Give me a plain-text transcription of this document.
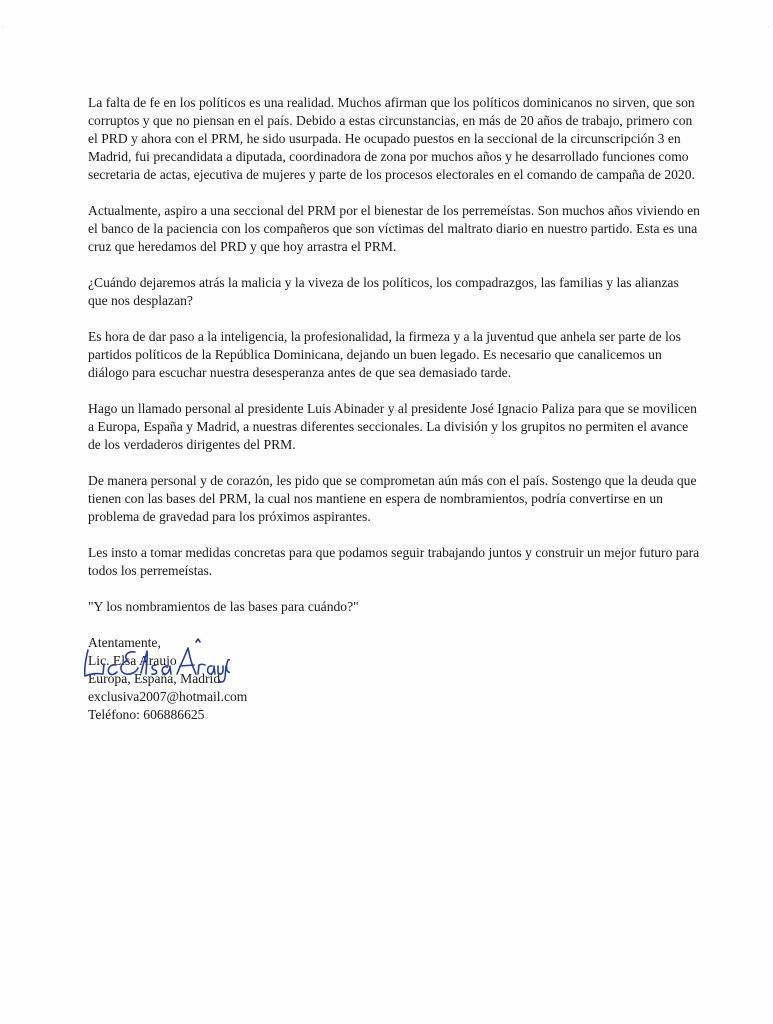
·	·

La falta de fe en los políticos es una realidad. Muchos afirman que los políticos dominicanos no sirven, que son corruptos y que no piensan en el país. Debido a estas circunstancias, en más de 20 años de trabajo, primero con el PRD y ahora con el PRM, he sido usurpada. He ocupado puestos en la seccional de la circunscripción 3 en Madrid, fui precandidata a diputada, coordinadora de zona por muchos años y he desarrollado funciones como secretaria de actas, ejecutiva de mujeres y parte de los procesos electorales en el comando de campaña de 2020.

Actualmente, aspiro a una seccional del PRM por el bienestar de los perremeístas. Son muchos años viviendo en el banco de la paciencia con los compañeros que son víctimas del maltrato diario en nuestro partido. Esta es una cruz que heredamos del PRD y que hoy arrastra el PRM.

¿Cuándo dejaremos atrás la malicia y la viveza de los políticos, los compadrazgos, las familias y las alianzas que nos desplazan?

Es hora de dar paso a la inteligencia, la profesionalidad, la firmeza y a la juventud que anhela ser parte de los partidos políticos de la República Dominicana, dejando un buen legado. Es necesario que canalicemos un diálogo para escuchar nuestra desesperanza antes de que sea demasiado tarde.

Hago un llamado personal al presidente Luis Abinader y al presidente José Ignacio Paliza para que se movilicen a Europa, España y Madrid, a nuestras diferentes seccionales. La división y los grupitos no permiten el avance de los verdaderos dirigentes del PRM.

De manera personal y de corazón, les pido que se comprometan aún más con el país. Sostengo que la deuda que tienen con las bases del PRM, la cual nos mantiene en espera de nombramientos, podría convertirse en un problema de gravedad para los próximos aspirantes.

Les insto a tomar medidas concretas para que podamos seguir trabajando juntos y construir un mejor futuro para todos los perremeístas.

"Y los nombramientos de las bases para cuándo?"
Atentamente,
Lic. Elsa Araujo
Europa, España, Madrid
exclusiva2007@hotmail.com
Teléfono: 606886625
